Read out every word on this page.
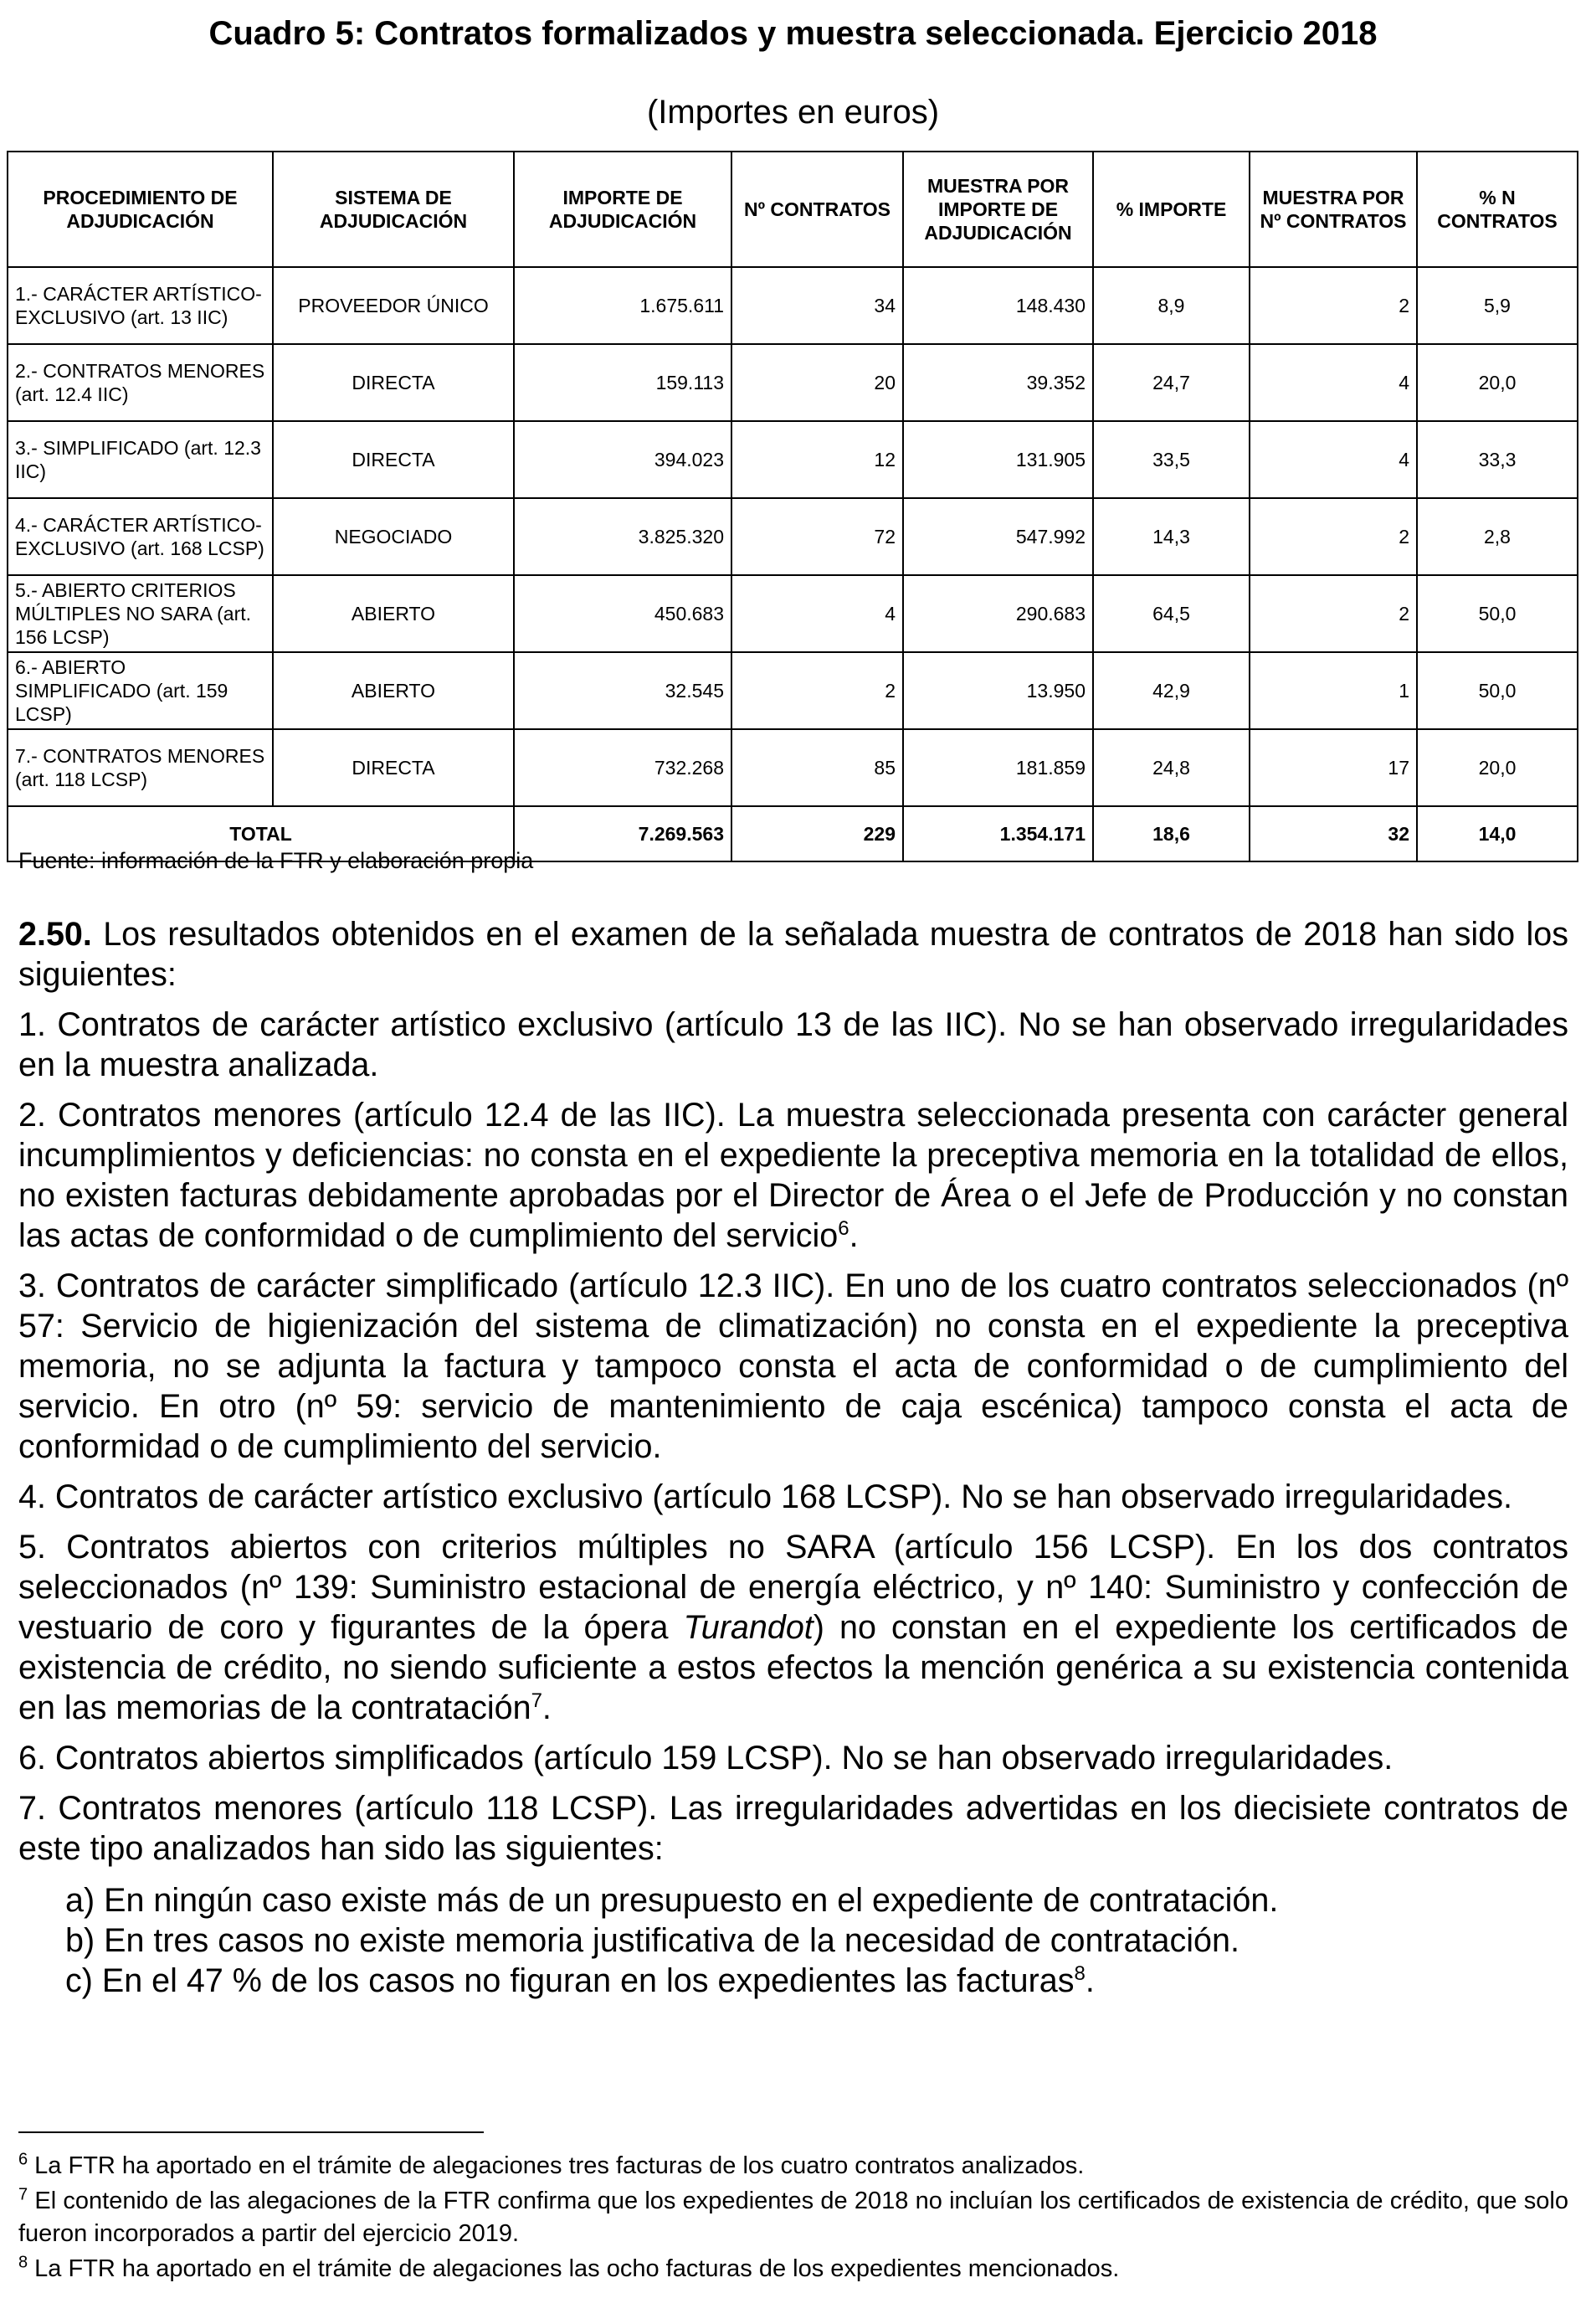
Cuadro 5: Contratos formalizados y muestra seleccionada. Ejercicio 2018
(Importes en euros)
PROCEDIMIENTO DE ADJUDICACIÓN	SISTEMA DE ADJUDICACIÓN	IMPORTE DE ADJUDICACIÓN	Nº CONTRATOS	MUESTRA POR IMPORTE DE ADJUDICACIÓN	% IMPORTE	MUESTRA POR Nº CONTRATOS	% N CONTRATOS
1.- CARÁCTER ARTÍSTICO-EXCLUSIVO (art. 13 IIC)	PROVEEDOR ÚNICO	1.675.611	34	148.430	8,9	2	5,9
2.- CONTRATOS MENORES (art. 12.4 IIC)	DIRECTA	159.113	20	39.352	24,7	4	20,0
3.- SIMPLIFICADO (art. 12.3 IIC)	DIRECTA	394.023	12	131.905	33,5	4	33,3
4.- CARÁCTER ARTÍSTICO-EXCLUSIVO (art. 168 LCSP)	NEGOCIADO	3.825.320	72	547.992	14,3	2	2,8
5.- ABIERTO CRITERIOS MÚLTIPLES NO SARA (art. 156 LCSP)	ABIERTO	450.683	4	290.683	64,5	2	50,0
6.- ABIERTO SIMPLIFICADO (art. 159 LCSP)	ABIERTO	32.545	2	13.950	42,9	1	50,0
7.- CONTRATOS MENORES (art. 118 LCSP)	DIRECTA	732.268	85	181.859	24,8	17	20,0
TOTAL		7.269.563	229	1.354.171	18,6	32	14,0
Fuente: información de la FTR y elaboración propia

2.50. Los resultados obtenidos en el examen de la señalada muestra de contratos de 2018 han sido los siguientes:

1. Contratos de carácter artístico exclusivo (artículo 13 de las IIC). No se han observado irregularidades en la muestra analizada.

2. Contratos menores (artículo 12.4 de las IIC). La muestra seleccionada presenta con carácter general incumplimientos y deficiencias: no consta en el expediente la preceptiva memoria en la totalidad de ellos, no existen facturas debidamente aprobadas por el Director de Área o el Jefe de Producción y no constan las actas de conformidad o de cumplimiento del servicio$^6$.

3. Contratos de carácter simplificado (artículo 12.3 IIC). En uno de los cuatro contratos seleccionados (nº 57: Servicio de higienización del sistema de climatización) no consta en el expediente la preceptiva memoria, no se adjunta la factura y tampoco consta el acta de conformidad o de cumplimiento del servicio. En otro (nº 59: servicio de mantenimiento de caja escénica) tampoco consta el acta de conformidad o de cumplimiento del servicio.

4. Contratos de carácter artístico exclusivo (artículo 168 LCSP). No se han observado irregularidades.

5. Contratos abiertos con criterios múltiples no SARA (artículo 156 LCSP). En los dos contratos seleccionados (nº 139: Suministro estacional de energía eléctrico, y nº 140: Suministro y confección de vestuario de coro y figurantes de la ópera Turandot) no constan en el expediente los certificados de existencia de crédito, no siendo suficiente a estos efectos la mención genérica a su existencia contenida en las memorias de la contratación$^7$.

6. Contratos abiertos simplificados (artículo 159 LCSP). No se han observado irregularidades.

7. Contratos menores (artículo 118 LCSP). Las irregularidades advertidas en los diecisiete contratos de este tipo analizados han sido las siguientes:

a) En ningún caso existe más de un presupuesto en el expediente de contratación.
b) En tres casos no existe memoria justificativa de la necesidad de contratación.
c) En el 47 % de los casos no figuran en los expedientes las facturas$^8$.

$^6$ La FTR ha aportado en el trámite de alegaciones tres facturas de los cuatro contratos analizados.

$^7$ El contenido de las alegaciones de la FTR confirma que los expedientes de 2018 no incluían los certificados de existencia de crédito, que solo fueron incorporados a partir del ejercicio 2019.

$^8$ La FTR ha aportado en el trámite de alegaciones las ocho facturas de los expedientes mencionados.
